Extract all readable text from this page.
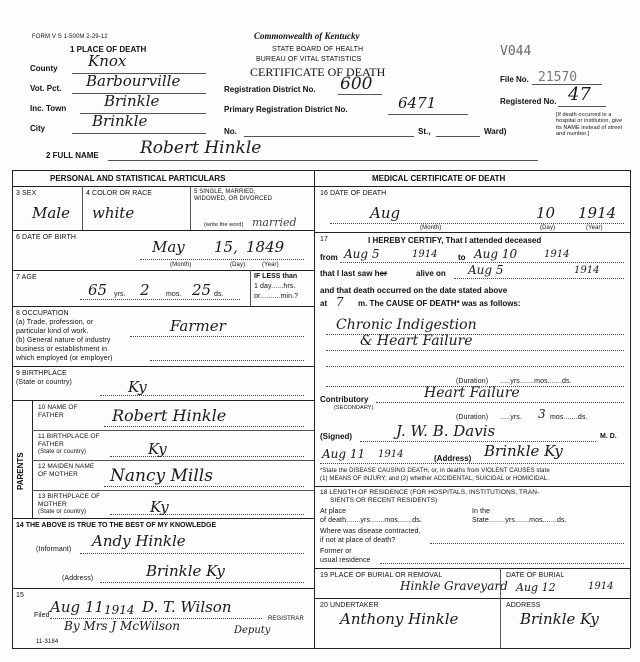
FORM V S 1-500M 2-29-12
1 PLACE OF DEATH
Commonwealth of Kentucky
STATE BOARD OF HEALTH
BUREAU OF VITAL STATISTICS
CERTIFICATE OF DEATH
V044
County Knox
Vot. Pct. Barbourville
Inc. Town	Brinkle
City	Brinkle
Registration District No. 600
Primary Registration District No.	6471
No.	St.,	Ward)
File No. 21570
Registered No. 47
[If death occurred in a hospital or institution, give its NAME instead of street and number.]
2 FULL NAME Robert Hinkle
PERSONAL AND STATISTICAL PARTICULARS
3 SEX	4 COLOR OR RACE	5 SINGLE, MARRIED, WIDOWED, OR DIVORCED
(write the word)
Male white
married
6 DATE OF BIRTH
May 15, 1849
(Month)	(Day)	(Year)
7 AGE
65 yrs. 2 mos. 25 ds.
IF LESS than
1 day......hrs.
or..........min.?
8 OCCUPATION
(a) Trade, profession, or
particular kind of work.
(b) General nature of industry
business or establishment in
which employed (or employer)
Farmer
9 BIRTHPLACE
(State or country)	Ky
PARENTS
10 NAME OF FATHER	Robert Hinkle
11 BIRTHPLACE OF FATHER
(State or country)	Ky
12 MAIDEN NAME OF MOTHER	Nancy Mills
13 BIRTHPLACE OF MOTHER
(State or country)	Ky
14 THE ABOVE IS TRUE TO THE BEST OF MY KNOWLEDGE
(Informant) Andy Hinkle
(Address)	Brinkle Ky
15
Filed Aug 11 1914 D. T. Wilson
REGISTRAR
By Mrs J McWilson	Deputy
11-3184
MEDICAL CERTIFICATE OF DEATH
16 DATE OF DEATH
Aug	10 1914
(Month)	(Day)	(Year)
17	I HEREBY CERTIFY, That I attended deceased
from Aug 5	1914	to Aug 10	1914
that I last saw her	alive on Aug 5	1914
and that death occurred on the date stated above
at 7 m. The CAUSE OF DEATH* was as follows:
Chronic Indigestion
& Heart Failure
(Duration) .....yrs.......mos.......ds.
Contributory
(SECONDARY)
Heart Failure
(Duration) .....yrs. 3 mos.......ds.
(Signed)	J. W. B. Davis	M. D.
Aug 11 1914	(Address) Brinkle Ky
*State the DISEASE CAUSING DEATH, or, in deaths from VIOLENT CAUSES state
(1) MEANS OF INJURY; and (2) whether ACCIDENTAL, SUICIDAL or HOMICIDAL.
18 LENGTH OF RESIDENCE (FOR HOSPITALS, INSTITUTIONS, TRAN-
SIENTS OR RECENT RESIDENTS)
At place
of death.......yrs.......mos.......ds.
In the
State........yrs.......mos.......ds.
Where was disease contracted,
if not at place of death?
Former or
usual residence
19 PLACE OF BURIAL OR REMOVAL
Hinkle Graveyard
DATE OF BURIAL
Aug 12	1914
20 UNDERTAKER
Anthony Hinkle
ADDRESS
Brinkle Ky
